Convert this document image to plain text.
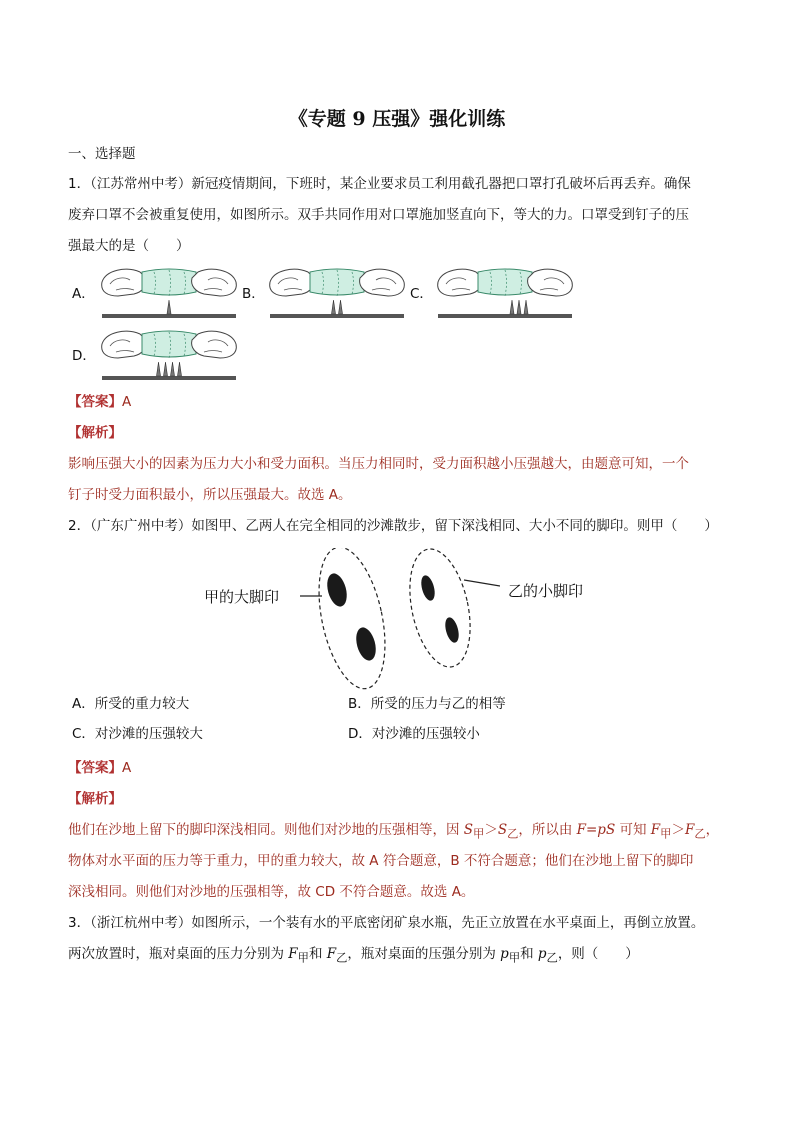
《专题 9 压强》强化训练
一、选择题
1．（江苏常州中考）新冠疫情期间，下班时，某企业要求员工利用截孔器把口罩打孔破坏后再丢弃。确保
废弃口罩不会被重复使用，如图所示。双手共同作用对口罩施加竖直向下，等大的力。口罩受到钉子的压
强最大的是（　　）
A．	B．	C．
D．
【答案】A
【解析】
影响压强大小的因素为压力大小和受力面积。当压力相同时，受力面积越小压强越大，由题意可知，一个
钉子时受力面积最小，所以压强最大。故选 A。
2．（广东广州中考）如图甲、乙两人在完全相同的沙滩散步，留下深浅相同、大小不同的脚印。则甲（　　）
甲的大脚印	乙的小脚印
A．所受的重力较大	B．所受的压力与乙的相等
C．对沙滩的压强较大	D．对沙滩的压强较小
【答案】A
【解析】
他们在沙地上留下的脚印深浅相同。则他们对沙地的压强相等，因 $S_甲>S_乙$，所以由 F=pS 可知 $F_甲>F_乙$，
物体对水平面的压力等于重力，甲的重力较大，故 A 符合题意，B 不符合题意；他们在沙地上留下的脚印
深浅相同。则他们对沙地的压强相等，故 CD 不符合题意。故选 A。
3．（浙江杭州中考）如图所示，一个装有水的平底密闭矿泉水瓶，先正立放置在水平桌面上，再倒立放置。
两次放置时，瓶对桌面的压力分别为 $F_甲$和 $F_乙$，瓶对桌面的压强分别为 $p_甲$和 $p_乙$，则（　　）
